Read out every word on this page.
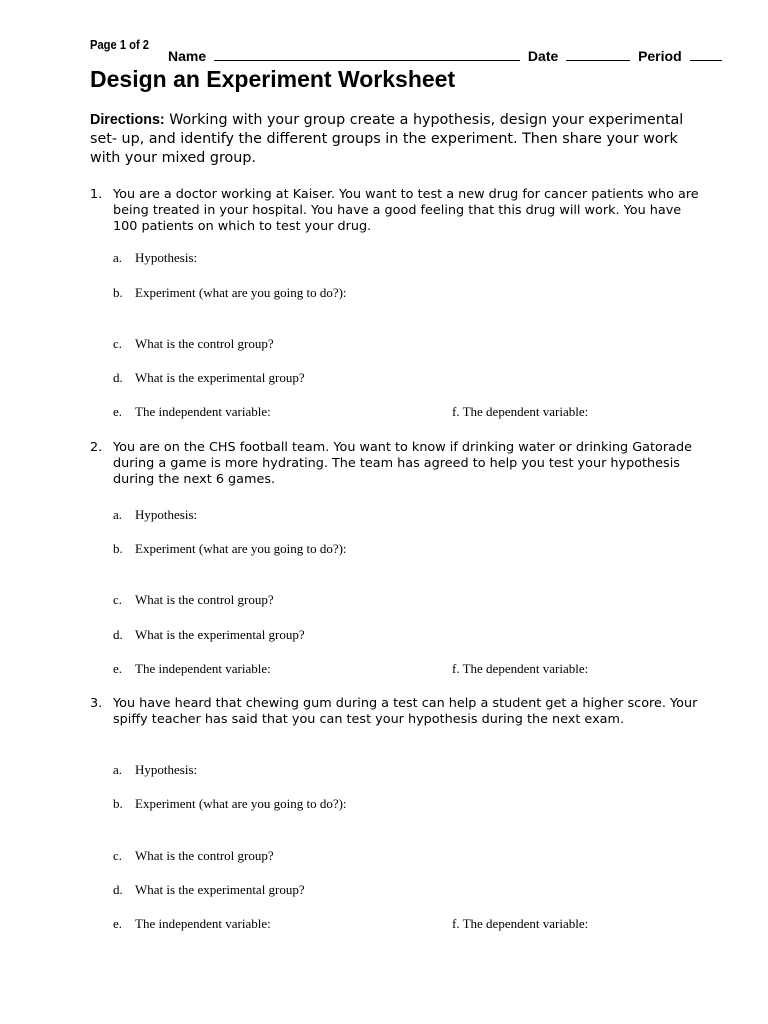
Page 1 of 2
Name	Date	Period
Design an Experiment Worksheet
Directions: Working with your group create a hypothesis, design your experimental set- up, and identify the different groups in the experiment. Then share your work with your mixed group.
1. You are a doctor working at Kaiser. You want to test a new drug for cancer patients who are being treated in your hospital. You have a good feeling that this drug will work. You have 100 patients on which to test your drug.
a. Hypothesis:
b. Experiment (what are you going to do?):
c. What is the control group?
d. What is the experimental group?
e. The independent variable:	f. The dependent variable:
2. You are on the CHS football team. You want to know if drinking water or drinking Gatorade during a game is more hydrating. The team has agreed to help you test your hypothesis during the next 6 games.
a. Hypothesis:
b. Experiment (what are you going to do?):
c. What is the control group?
d. What is the experimental group?
e. The independent variable:	f. The dependent variable:
3. You have heard that chewing gum during a test can help a student get a higher score. Your spiffy teacher has said that you can test your hypothesis during the next exam.
a. Hypothesis:
b. Experiment (what are you going to do?):
c. What is the control group?
d. What is the experimental group?
e. The independent variable:	f. The dependent variable:
